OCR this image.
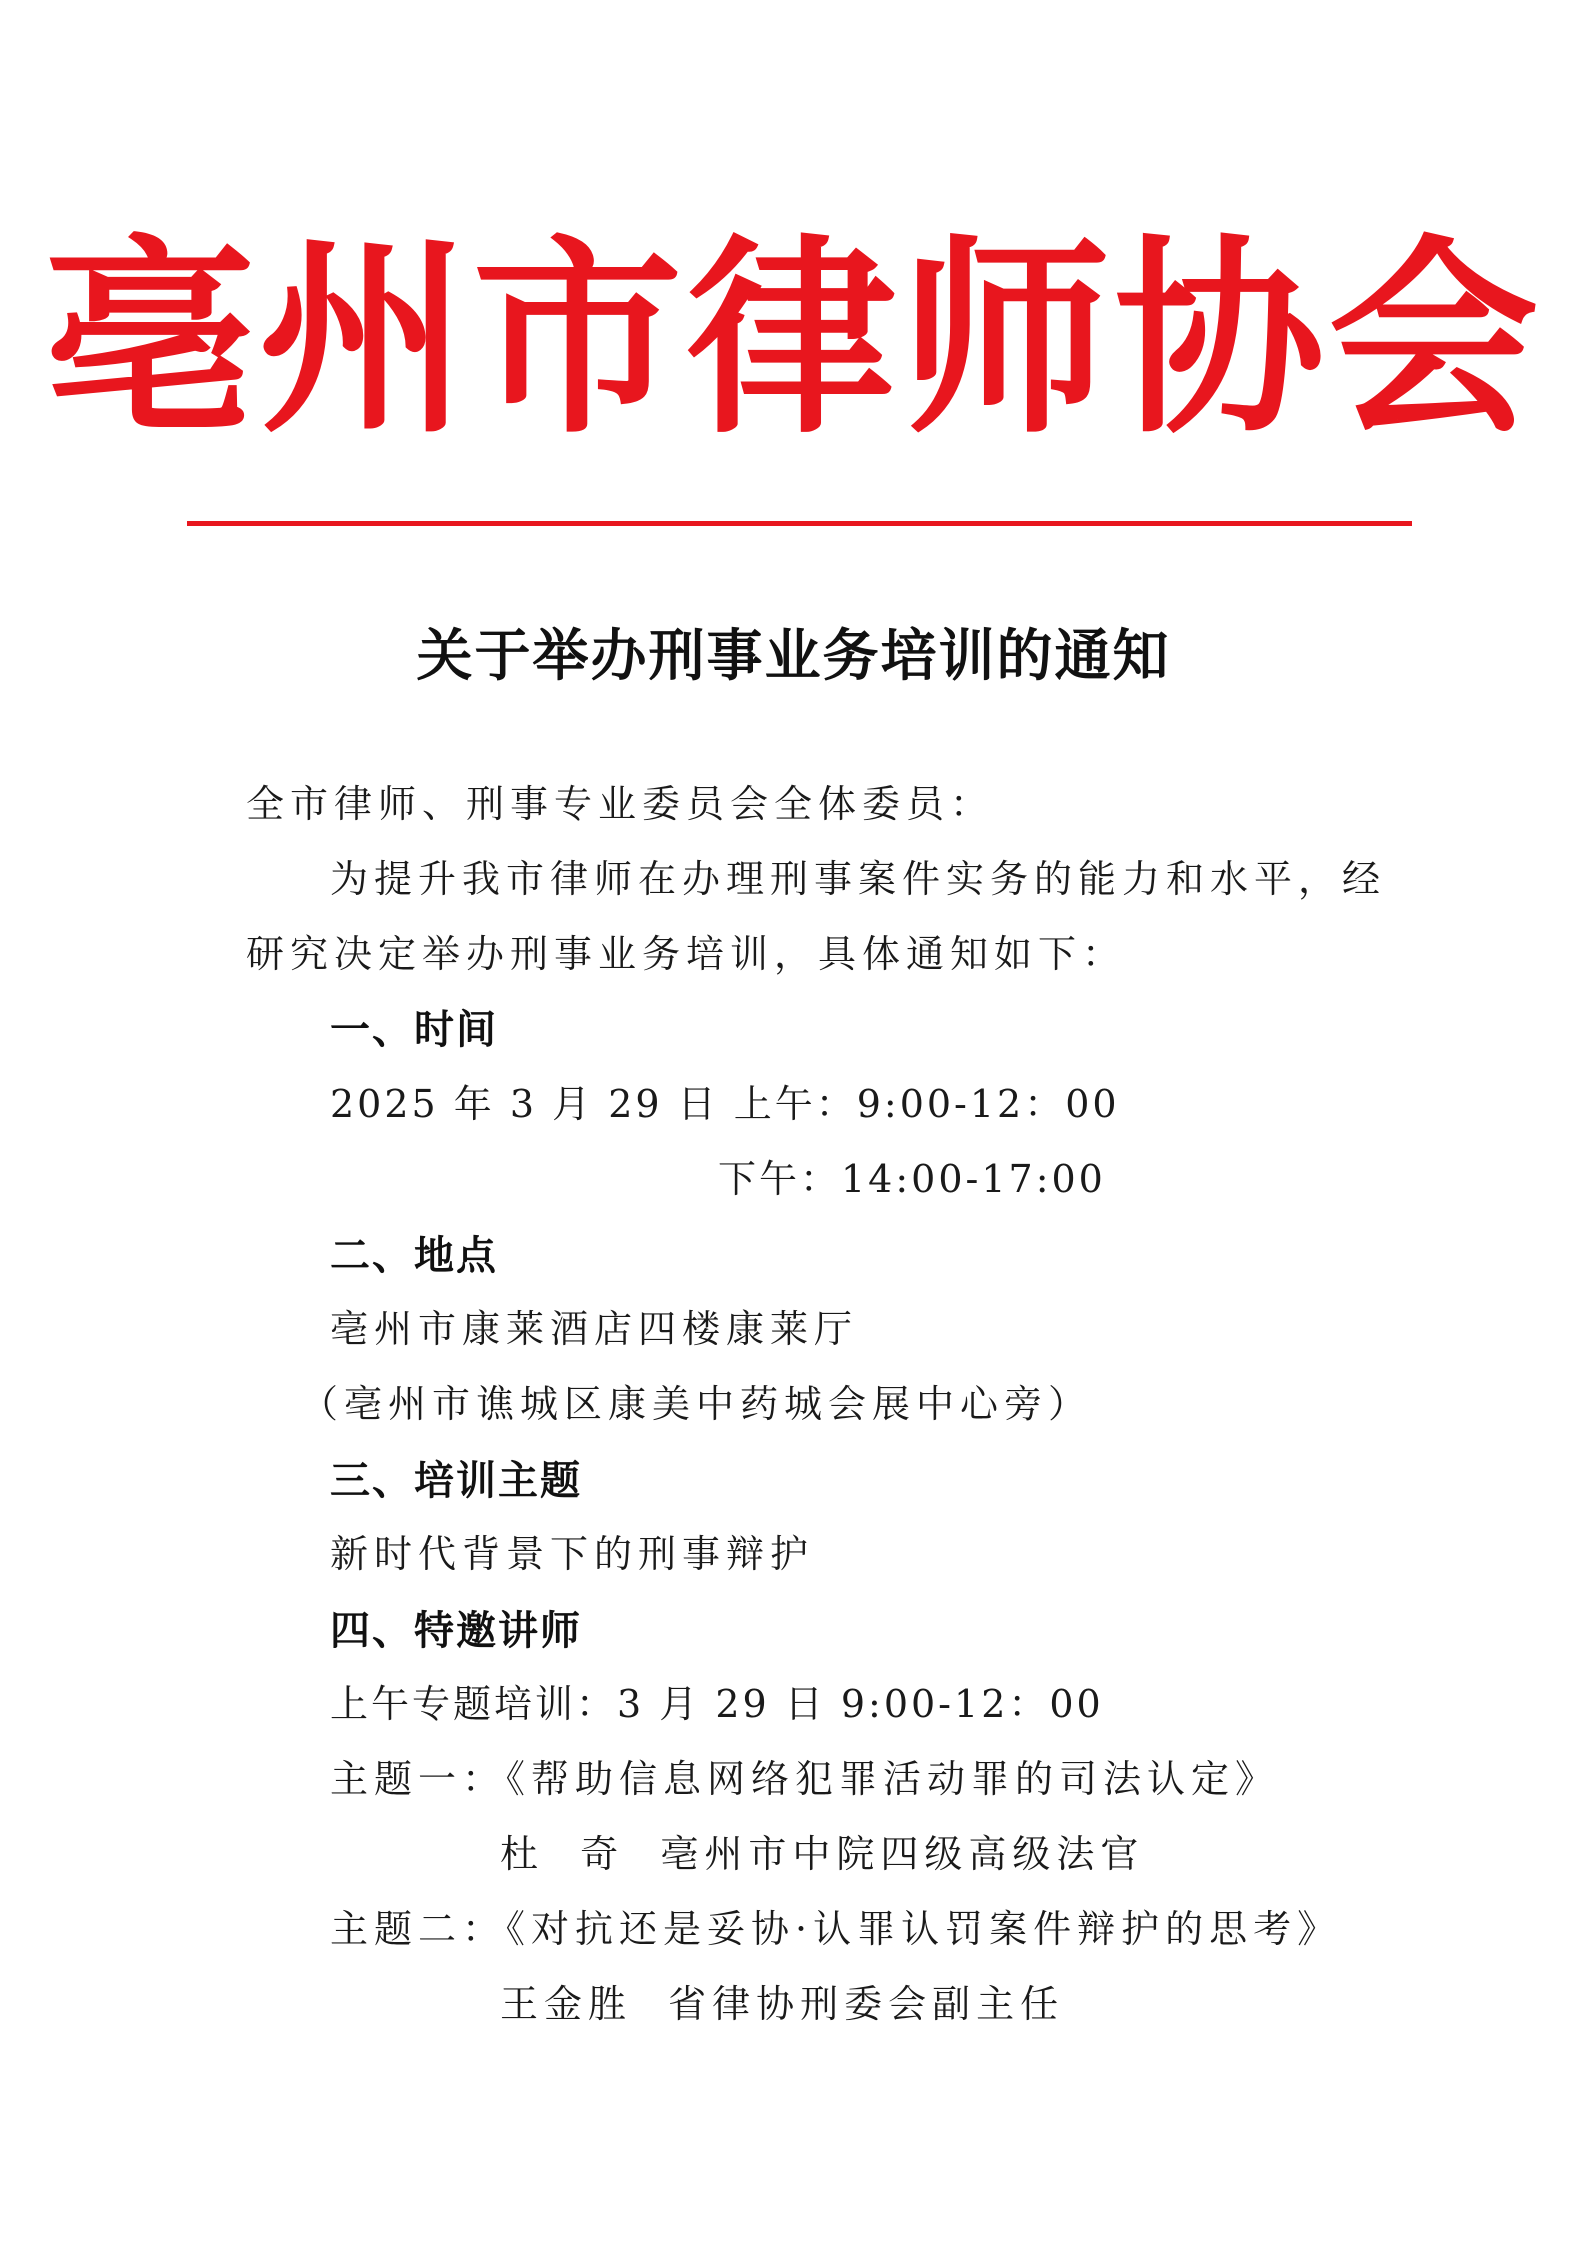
亳州市律师协会
关于举办刑事业务培训的通知
全市律师、刑事专业委员会全体委员：
为提升我市律师在办理刑事案件实务的能力和水平，经
研究决定举办刑事业务培训，具体通知如下：
一、时间
2025 年 3 月 29 日 上午：9:00-12：00
下午：14:00-17:00
二、地点
亳州市康莱酒店四楼康莱厅
（亳州市谯城区康美中药城会展中心旁）
三、培训主题
新时代背景下的刑事辩护
四、特邀讲师
上午专题培训：3 月 29 日 9:00-12：00
主题一：《帮助信息网络犯罪活动罪的司法认定》
杜  奇  亳州市中院四级高级法官
主题二：《对抗还是妥协·认罪认罚案件辩护的思考》
王金胜  省律协刑委会副主任
